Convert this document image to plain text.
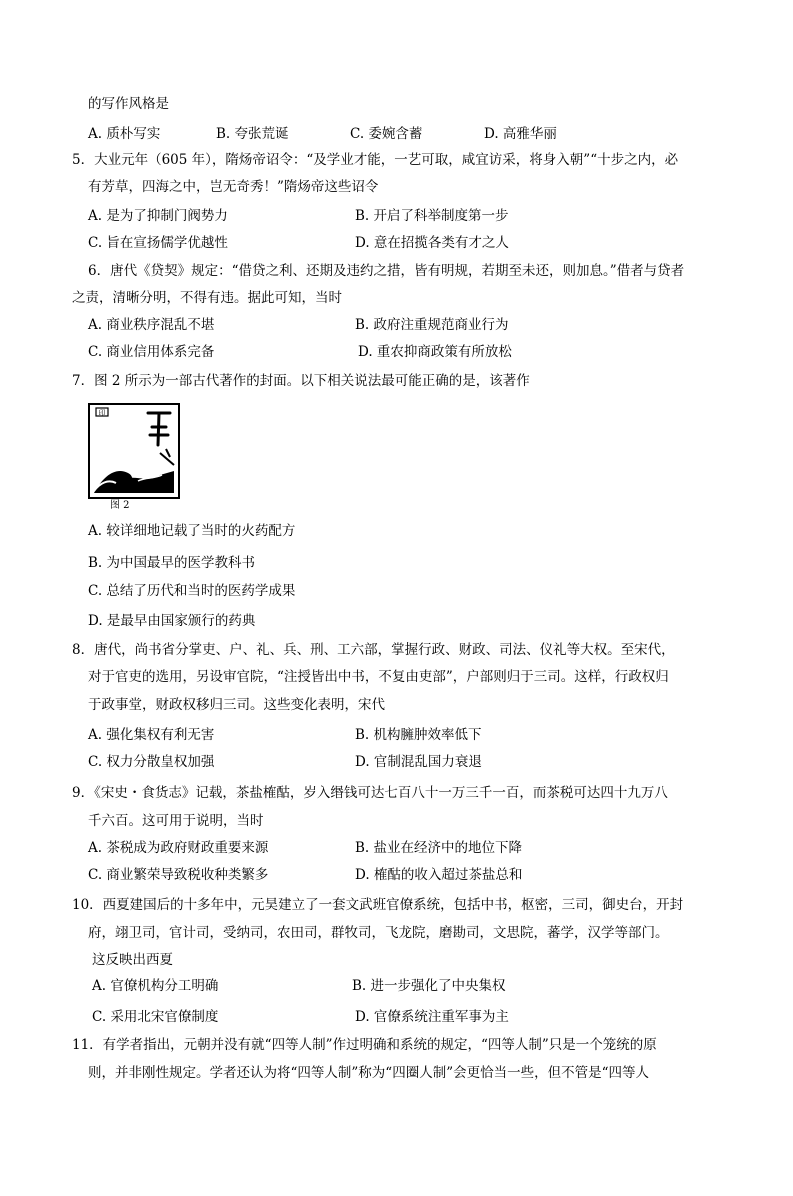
的写作风格是
A. 质朴写实	B. 夸张荒诞	C. 委婉含蓄	D. 高雅华丽
5．大业元年（605 年），隋炀帝诏令：“及学业才能，一艺可取，咸宜访采，将身入朝”“十步之内，必
有芳草，四海之中，岂无奇秀！”隋炀帝这些诏令
A. 是为了抑制门阀势力	B. 开启了科举制度第一步
C. 旨在宣扬儒学优越性	D. 意在招揽各类有才之人
6．唐代《贷契》规定：“借贷之利、还期及违约之措，皆有明规，若期至未还，则加息。”借者与贷者
之责，清晰分明，不得有违。据此可知，当时
A. 商业秩序混乱不堪	B. 政府注重规范商业行为
C. 商业信用体系完备	D. 重农抑商政策有所放松
7．图 2 所示为一部古代著作的封面。以下相关说法最可能正确的是，该著作
印
图 2
A. 较详细地记载了当时的火药配方
B. 为中国最早的医学教科书
C. 总结了历代和当时的医药学成果
D. 是最早由国家颁行的药典
8．唐代，尚书省分掌吏、户、礼、兵、刑、工六部，掌握行政、财政、司法、仪礼等大权。至宋代，
对于官吏的选用，另设审官院，“注授皆出中书，不复由吏部”，户部则归于三司。这样，行政权归
于政事堂，财政权移归三司。这些变化表明，宋代
A. 强化集权有利无害	B. 机构臃肿效率低下
C. 权力分散皇权加强	D. 官制混乱国力衰退
9．《宋史・食货志》记载，茶盐榷酤，岁入缗钱可达七百八十一万三千一百，而茶税可达四十九万八
千六百。这可用于说明，当时
A. 茶税成为政府财政重要来源	B. 盐业在经济中的地位下降
C. 商业繁荣导致税收种类繁多	D. 榷酤的收入超过茶盐总和
10．西夏建国后的十多年中，元昊建立了一套文武班官僚系统，包括中书，枢密，三司，御史台，开封
府，翊卫司，官计司，受纳司，农田司，群牧司，飞龙院，磨勘司，文思院，蕃学，汉学等部门。
这反映出西夏
A. 官僚机构分工明确	B. 进一步强化了中央集权
C. 采用北宋官僚制度	D. 官僚系统注重军事为主
11．有学者指出，元朝并没有就“四等人制”作过明确和系统的规定，“四等人制”只是一个笼统的原
则，并非刚性规定。学者还认为将“四等人制”称为“四圈人制”会更恰当一些，但不管是“四等人
